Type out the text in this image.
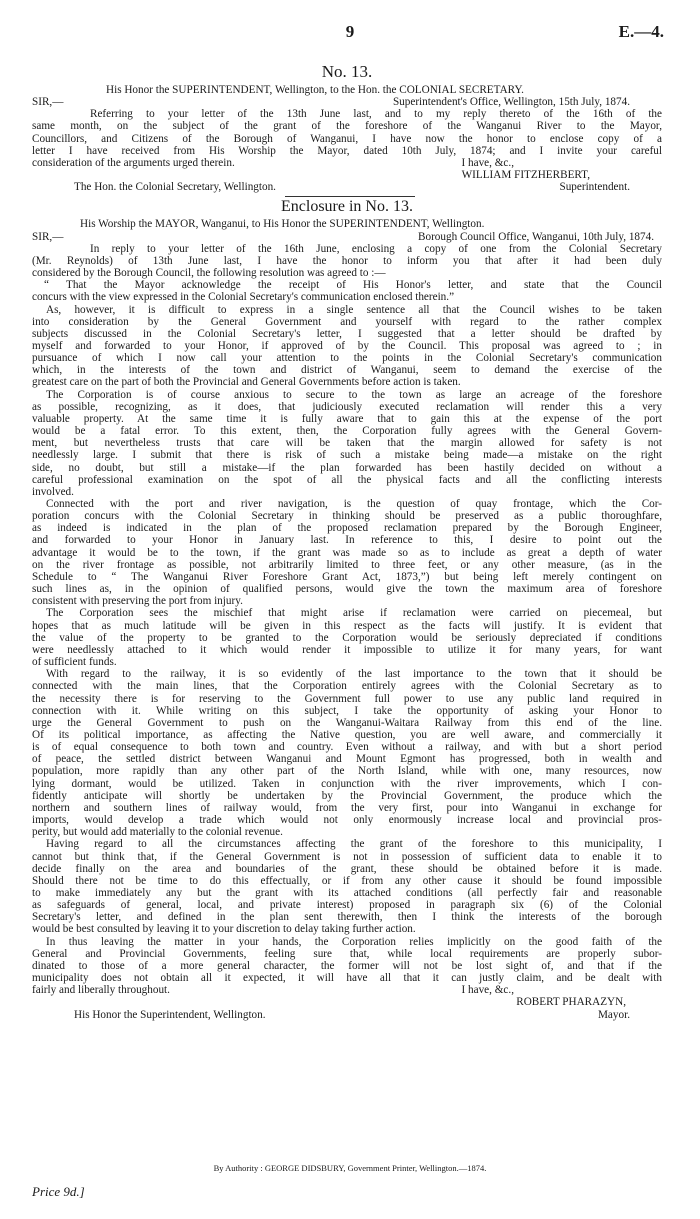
9	E.—4.
No. 13.
His Honor the SUPERINTENDENT, Wellington, to the Hon. the COLONIAL SECRETARY.
SIR,—	Superintendent's Office, Wellington, 15th July, 1874.
Referring to your letter of the 13th June last, and to my reply thereto of the 16th of the
same month, on the subject of the grant of the foreshore of the Wanganui River to the Mayor,
Councillors, and Citizens of the Borough of Wanganui, I have now the honor to enclose copy of a
letter I have received from His Worship the Mayor, dated 10th July, 1874; and I invite your careful
consideration of the arguments urged therein.	I have, &c.,
WILLIAM FITZHERBERT,
The Hon. the Colonial Secretary, Wellington.	Superintendent.
Enclosure in No. 13.
His Worship the MAYOR, Wanganui, to His Honor the SUPERINTENDENT, Wellington.
SIR,—	Borough Council Office, Wanganui, 10th July, 1874.
In reply to your letter of the 16th June, enclosing a copy of one from the Colonial Secretary
(Mr. Reynolds) of 13th June last, I have the honor to inform you that after it had been duly
considered by the Borough Council, the following resolution was agreed to :—
“ That the Mayor acknowledge the receipt of His Honor's letter, and state that the Council
concurs with the view expressed in the Colonial Secretary's communication enclosed therein.”
As, however, it is difficult to express in a single sentence all that the Council wishes to be taken
into consideration by the General Government and yourself with regard to the rather complex
subjects discussed in the Colonial Secretary's letter, I suggested that a letter should be drafted by
myself and forwarded to your Honor, if approved of by the Council. This proposal was agreed to ; in
pursuance of which I now call your attention to the points in the Colonial Secretary's communication
which, in the interests of the town and district of Wanganui, seem to demand the exercise of the
greatest care on the part of both the Provincial and General Governments before action is taken.
The Corporation is of course anxious to secure to the town as large an acreage of the foreshore
as possible, recognizing, as it does, that judiciously executed reclamation will render this a very
valuable property. At the same time it is fully aware that to gain this at the expense of the port
would be a fatal error. To this extent, then, the Corporation fully agrees with the General Govern-
ment, but nevertheless trusts that care will be taken that the margin allowed for safety is not
needlessly large. I submit that there is risk of such a mistake being made—a mistake on the right
side, no doubt, but still a mistake—if the plan forwarded has been hastily decided on without a
careful professional examination on the spot of all the physical facts and all the conflicting interests
involved.
Connected with the port and river navigation, is the question of quay frontage, which the Cor-
poration concurs with the Colonial Secretary in thinking should be preserved as a public thoroughfare,
as indeed is indicated in the plan of the proposed reclamation prepared by the Borough Engineer,
and forwarded to your Honor in January last. In reference to this, I desire to point out the
advantage it would be to the town, if the grant was made so as to include as great a depth of water
on the river frontage as possible, not arbitrarily limited to three feet, or any other measure, (as in the
Schedule to “ The Wanganui River Foreshore Grant Act, 1873,”) but being left merely contingent on
such lines as, in the opinion of qualified persons, would give the town the maximum area of foreshore
consistent with preserving the port from injury.
The Corporation sees the mischief that might arise if reclamation were carried on piecemeal, but
hopes that as much latitude will be given in this respect as the facts will justify. It is evident that
the value of the property to be granted to the Corporation would be seriously depreciated if conditions
were needlessly attached to it which would render it impossible to utilize it for many years, for want
of sufficient funds.
With regard to the railway, it is so evidently of the last importance to the town that it should be
connected with the main lines, that the Corporation entirely agrees with the Colonial Secretary as to
the necessity there is for reserving to the Government full power to use any public land required in
connection with it. While writing on this subject, I take the opportunity of asking your Honor to
urge the General Government to push on the Wanganui-Waitara Railway from this end of the line.
Of its political importance, as affecting the Native question, you are well aware, and commercially it
is of equal consequence to both town and country. Even without a railway, and with but a short period
of peace, the settled district between Wanganui and Mount Egmont has progressed, both in wealth and
population, more rapidly than any other part of the North Island, while with one, many resources, now
lying dormant, would be utilized. Taken in conjunction with the river improvements, which I con-
fidently anticipate will shortly be undertaken by the Provincial Government, the produce which the
northern and southern lines of railway would, from the very first, pour into Wanganui in exchange for
imports, would develop a trade which would not only enormously increase local and provincial pros-
perity, but would add materially to the colonial revenue.
Having regard to all the circumstances affecting the grant of the foreshore to this municipality, I
cannot but think that, if the General Government is not in possession of sufficient data to enable it to
decide finally on the area and boundaries of the grant, these should be obtained before it is made.
Should there not be time to do this effectually, or if from any other cause it should be found impossible
to make immediately any but the grant with its attached conditions (all perfectly fair and reasonable
as safeguards of general, local, and private interest) proposed in paragraph six (6) of the Colonial
Secretary's letter, and defined in the plan sent therewith, then I think the interests of the borough
would be best consulted by leaving it to your discretion to delay taking further action.
In thus leaving the matter in your hands, the Corporation relies implicitly on the good faith of the
General and Provincial Governments, feeling sure that, while local requirements are properly subor-
dinated to those of a more general character, the former will not be lost sight of, and that if the
municipality does not obtain all it expected, it will have all that it can justly claim, and be dealt with
fairly and liberally throughout.	I have, &c.,
ROBERT PHARAZYN,
His Honor the Superintendent, Wellington.	Mayor.
By Authority : GEORGE DIDSBURY, Government Printer, Wellington.—1874.
Price 9d.]
